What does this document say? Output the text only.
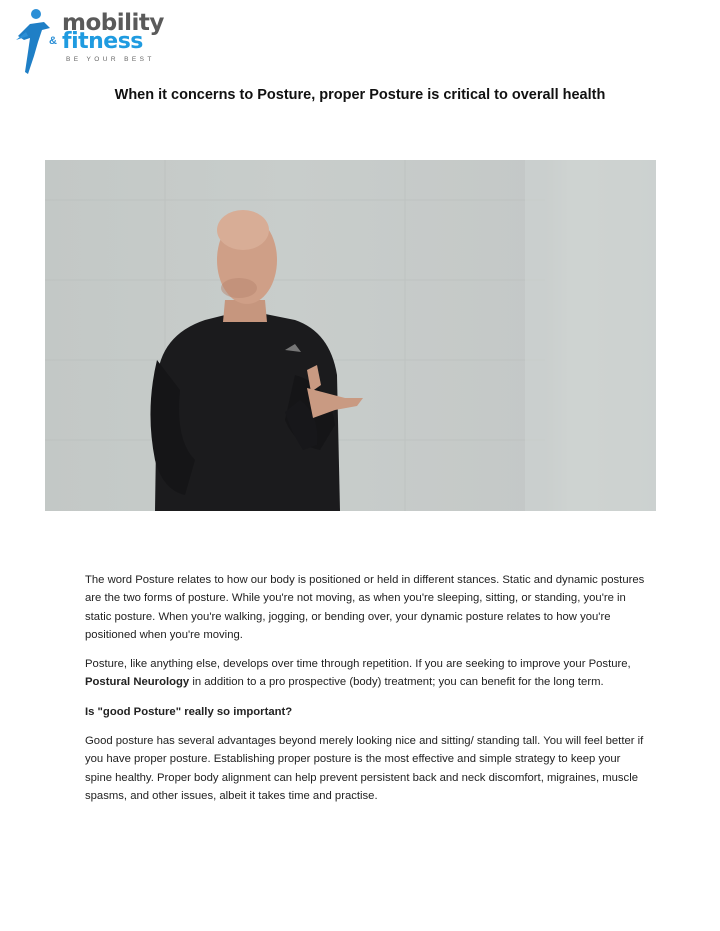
mobility
& fitness
BE YOUR BEST
When it concerns to Posture, proper Posture is critical to overall health

The word Posture relates to how our body is positioned or held in different stances. Static and dynamic postures are the two forms of posture. While you're not moving, as when you're sleeping, sitting, or standing, you're in static posture. When you're walking, jogging, or bending over, your dynamic posture relates to how you're positioned when you're moving.

Posture, like anything else, develops over time through repetition. If you are seeking to improve your Posture, Postural Neurology in addition to a pro prospective (body) treatment; you can benefit for the long term.

Is "good Posture" really so important?

Good posture has several advantages beyond merely looking nice and sitting/ standing tall. You will feel better if you have proper posture. Establishing proper posture is the most effective and simple strategy to keep your spine healthy. Proper body alignment can help prevent persistent back and neck discomfort, migraines, muscle spasms, and other issues, albeit it takes time and practise.
